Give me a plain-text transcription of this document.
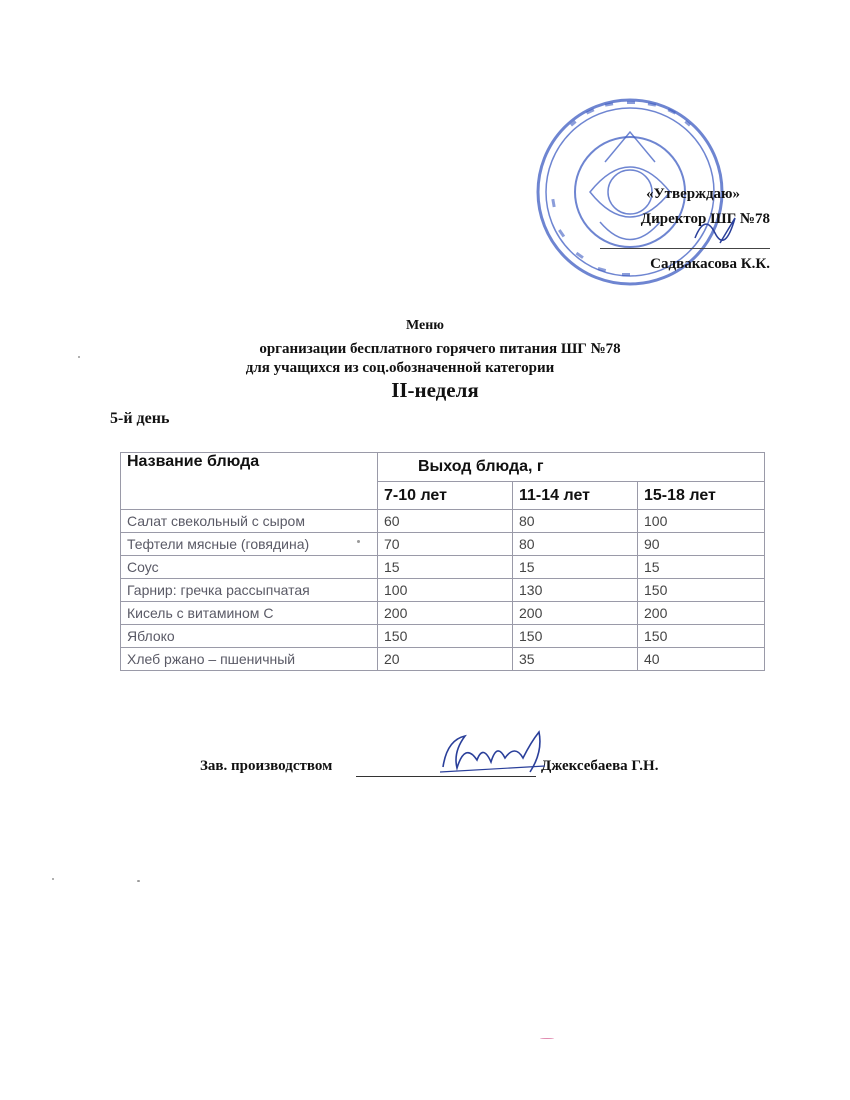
«Утверждаю»
Директор ШГ №78
Садвакасова К.К.
Меню
организации бесплатного горячего питания ШГ №78
для учащихся из соц.обозначенной категории
II-неделя
5-й день
Название блюда	Выход блюда, г		
	7-10 лет	11-14 лет	15-18 лет
Салат свекольный с сыром	60	80	100
Тефтели мясные (говядина)	70	80	90
Соус	15	15	15
Гарнир: гречка рассыпчатая	100	130	150
Кисель с витамином С	200	200	200
Яблоко	150	150	150
Хлеб ржано – пшеничный	20	35	40
Зав. производством	Джексебаева Г.Н.
